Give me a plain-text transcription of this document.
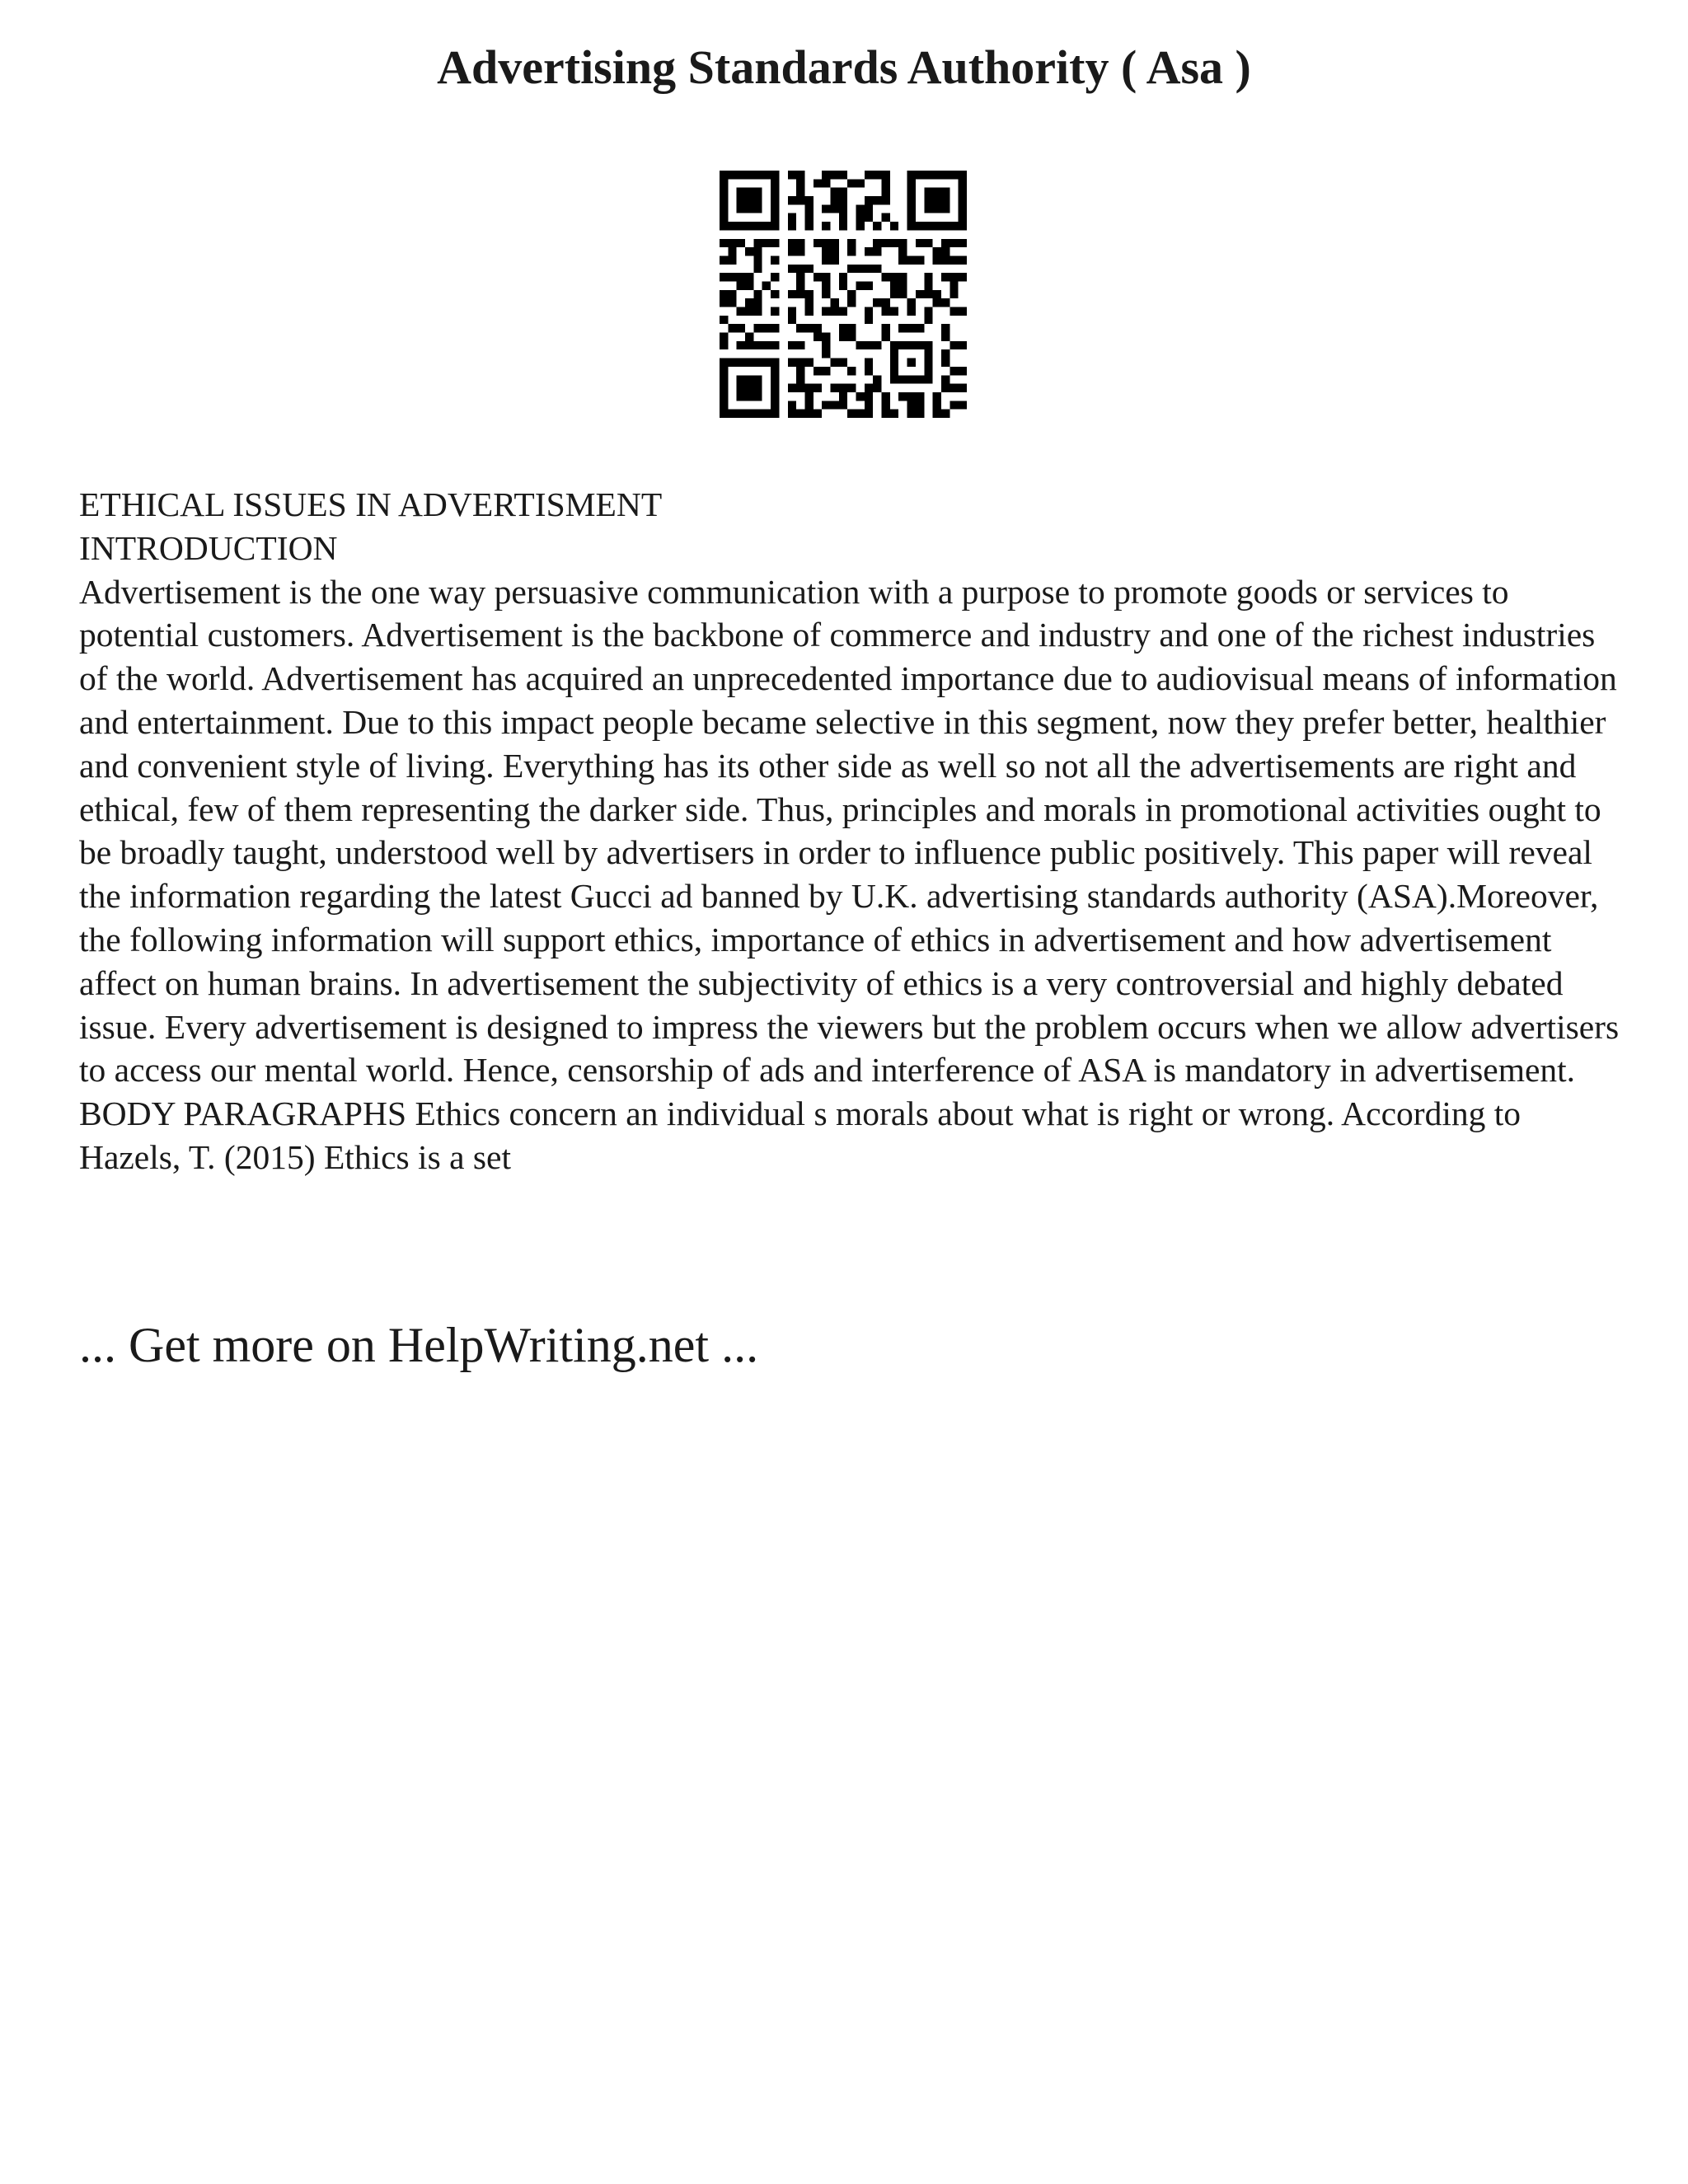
Advertising Standards Authority ( Asa )

ETHICAL ISSUES IN ADVERTISMENT

INTRODUCTION

Advertisement is the one way persuasive communication with a purpose to promote goods or services to potential customers. Advertisement is the backbone of commerce and industry and one of the richest industries of the world. Advertisement has acquired an unprecedented importance due to audiovisual means of information and entertainment. Due to this impact people became selective in this segment, now they prefer better, healthier and convenient style of living. Everything has its other side as well so not all the advertisements are right and ethical, few of them representing the darker side. Thus, principles and morals in promotional activities ought to be broadly taught, understood well by advertisers in order to influence public positively. This paper will reveal the information regarding the latest Gucci ad banned by U.K. advertising standards authority (ASA).Moreover, the following information will support ethics, importance of ethics in advertisement and how advertisement affect on human brains. In advertisement the subjectivity of ethics is a very controversial and highly debated issue. Every advertisement is designed to impress the viewers but the problem occurs when we allow advertisers to access our mental world. Hence, censorship of ads and interference of ASA is mandatory in advertisement.

BODY PARAGRAPHS Ethics concern an individual s morals about what is right or wrong. According to Hazels, T. (2015) Ethics is a set

... Get more on HelpWriting.net ...
